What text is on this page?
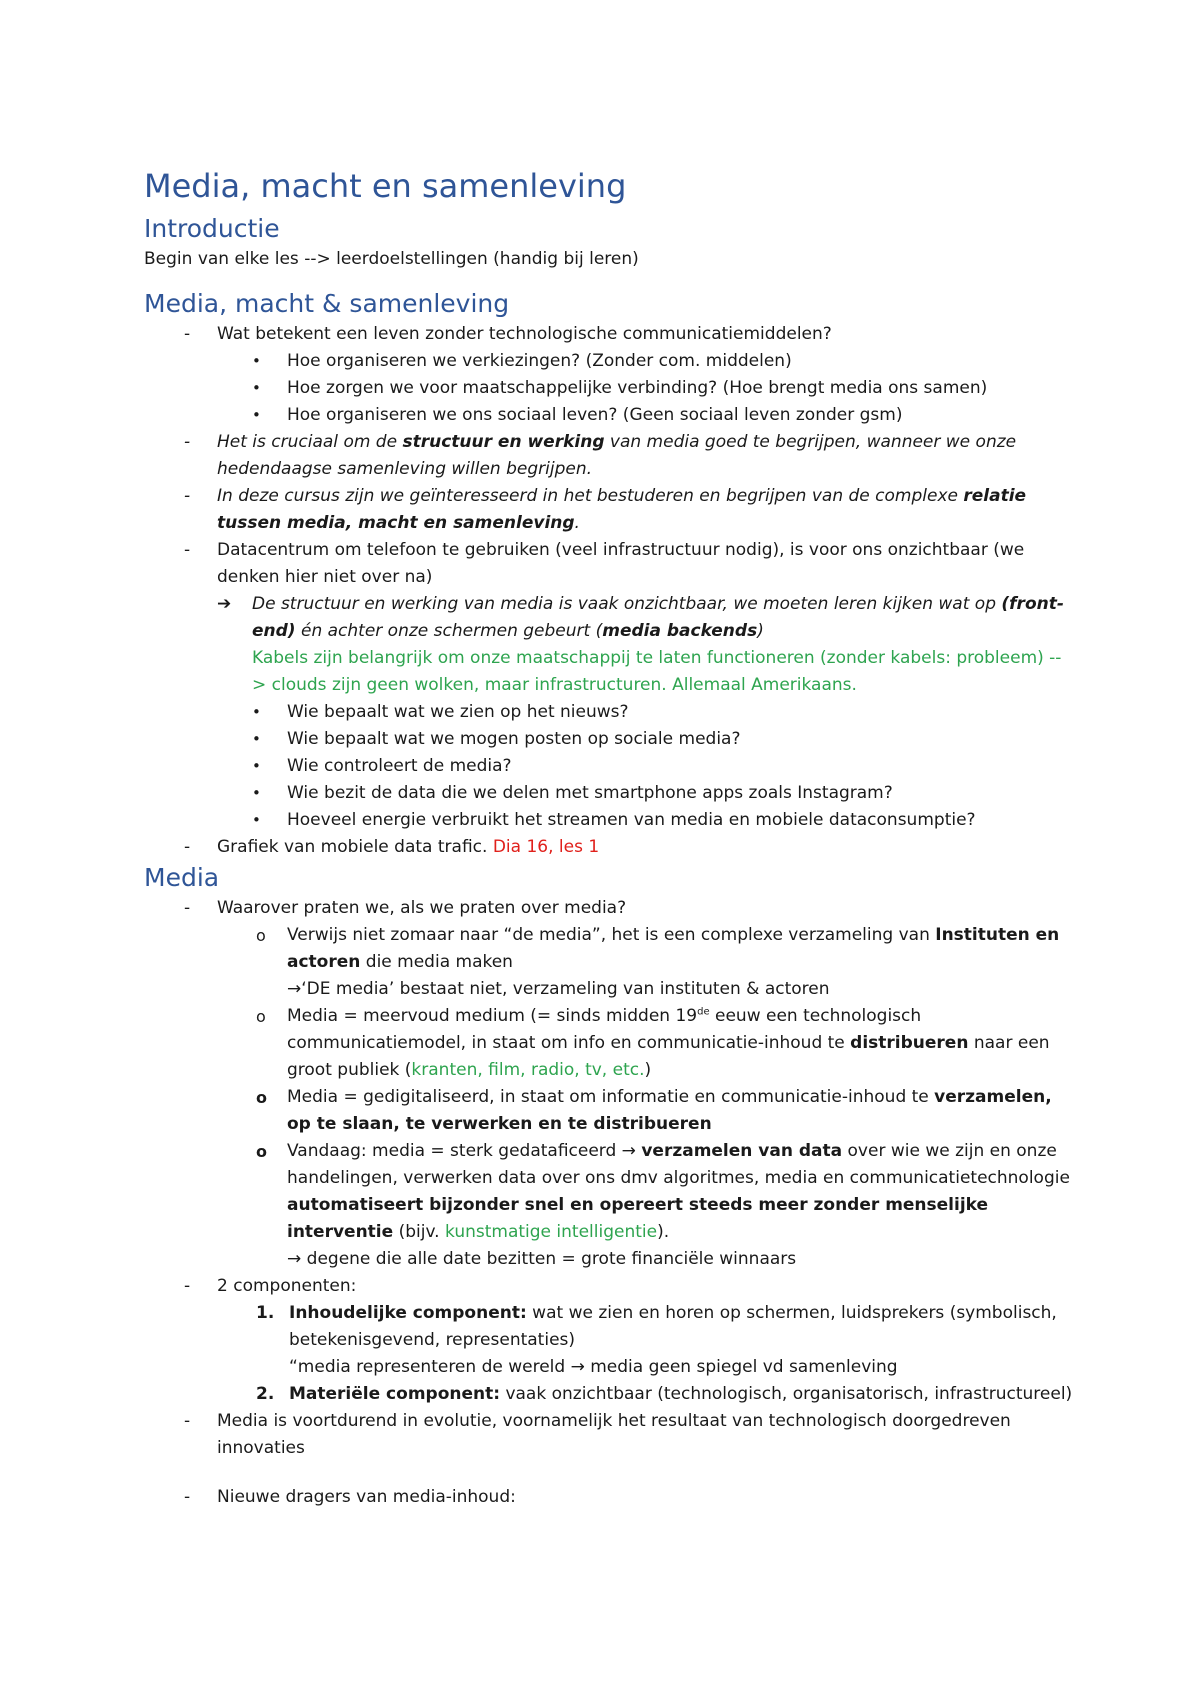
Media, macht en samenleving
Introductie

Begin van elke les --> leerdoelstellingen (handig bij leren)

Media, macht & samenleving
- Wat betekent een leven zonder technologische communicatiemiddelen?
• Hoe organiseren we verkiezingen? (Zonder com. middelen)
• Hoe zorgen we voor maatschappelijke verbinding? (Hoe brengt media ons samen)
• Hoe organiseren we ons sociaal leven? (Geen sociaal leven zonder gsm)
- Het is cruciaal om de structuur en werking van media goed te begrijpen, wanneer we onze hedendaagse samenleving willen begrijpen.
- In deze cursus zijn we geïnteresseerd in het bestuderen en begrijpen van de complexe relatie tussen media, macht en samenleving.
- Datacentrum om telefoon te gebruiken (veel infrastructuur nodig), is voor ons onzichtbaar (we denken hier niet over na)
➔ De structuur en werking van media is vaak onzichtbaar, we moeten leren kijken wat op (front-end) én achter onze schermen gebeurt (media backends)
Kabels zijn belangrijk om onze maatschappij te laten functioneren (zonder kabels: probleem) --> clouds zijn geen wolken, maar infrastructuren. Allemaal Amerikaans.
• Wie bepaalt wat we zien op het nieuws?
• Wie bepaalt wat we mogen posten op sociale media?
• Wie controleert de media?
• Wie bezit de data die we delen met smartphone apps zoals Instagram?
• Hoeveel energie verbruikt het streamen van media en mobiele dataconsumptie?
- Grafiek van mobiele data trafic. Dia 16, les 1
Media
- Waarover praten we, als we praten over media?
o Verwijs niet zomaar naar “de media”, het is een complexe verzameling van Instituten en actoren die media maken
→‘DE media’ bestaat niet, verzameling van instituten & actoren
o Media = meervoud medium (= sinds midden 19de eeuw een technologisch communicatiemodel, in staat om info en communicatie-inhoud te distribueren naar een groot publiek (kranten, film, radio, tv, etc.)
o Media = gedigitaliseerd, in staat om informatie en communicatie-inhoud te verzamelen, op te slaan, te verwerken en te distribueren
o Vandaag: media = sterk gedataficeerd → verzamelen van data over wie we zijn en onze handelingen, verwerken data over ons dmv algoritmes, media en communicatietechnologie automatiseert bijzonder snel en opereert steeds meer zonder menselijke interventie (bijv. kunstmatige intelligentie).
→ degene die alle date bezitten = grote financiële winnaars
- 2 componenten:
1. Inhoudelijke component: wat we zien en horen op schermen, luidsprekers (symbolisch, betekenisgevend, representaties)
“media representeren de wereld → media geen spiegel vd samenleving
2. Materiële component: vaak onzichtbaar (technologisch, organisatorisch, infrastructureel)
- Media is voortdurend in evolutie, voornamelijk het resultaat van technologisch doorgedreven innovaties
- Nieuwe dragers van media-inhoud:
